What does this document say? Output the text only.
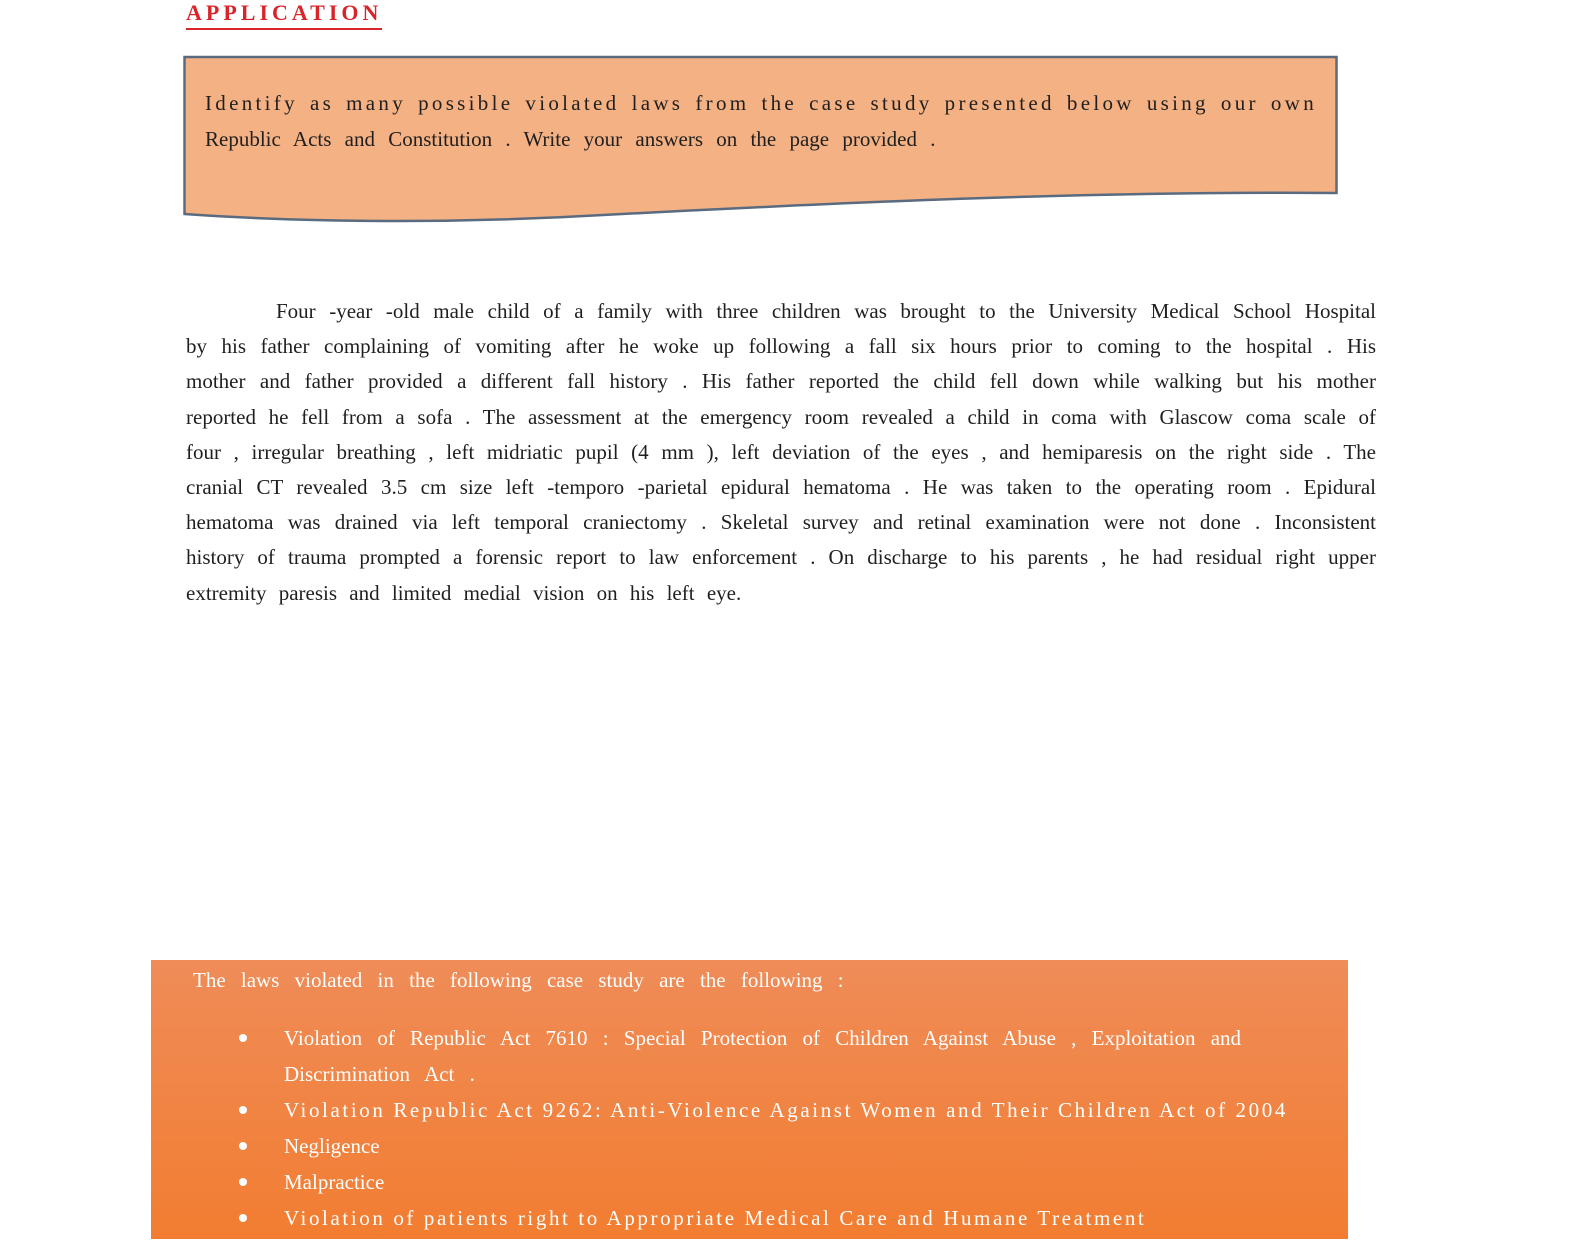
APPLICATION
Identify as many possible violated laws from the case study presented below using our own
Republic Acts and Constitution . Write your answers on the page provided .

Four -year -old male child of a family with three children was brought to the University Medical School Hospital by his father complaining of vomiting after he woke up following a fall six hours prior to coming to the hospital . His mother and father provided a different fall history . His father reported the child fell down while walking but his mother reported he fell from a sofa . The assessment at the emergency room revealed a child in coma with Glascow coma scale of four , irregular breathing , left midriatic pupil (4 mm ), left deviation of the eyes , and hemiparesis on the right side . The cranial CT revealed 3.5 cm size left -temporo -parietal epidural hematoma . He was taken to the operating room . Epidural hematoma was drained via left temporal craniectomy . Skeletal survey and retinal examination were not done . Inconsistent history of trauma prompted a forensic report to law enforcement . On discharge to his parents , he had residual right upper extremity paresis and limited medial vision on his left eye.

The laws violated in the following case study are the following :
Violation of Republic Act 7610 : Special Protection of Children Against Abuse , Exploitation and Discrimination Act .
Violation Republic Act 9262: Anti-Violence Against Women and Their Children Act of 2004
Negligence
Malpractice
Violation of patients right to Appropriate Medical Care and Humane Treatment
